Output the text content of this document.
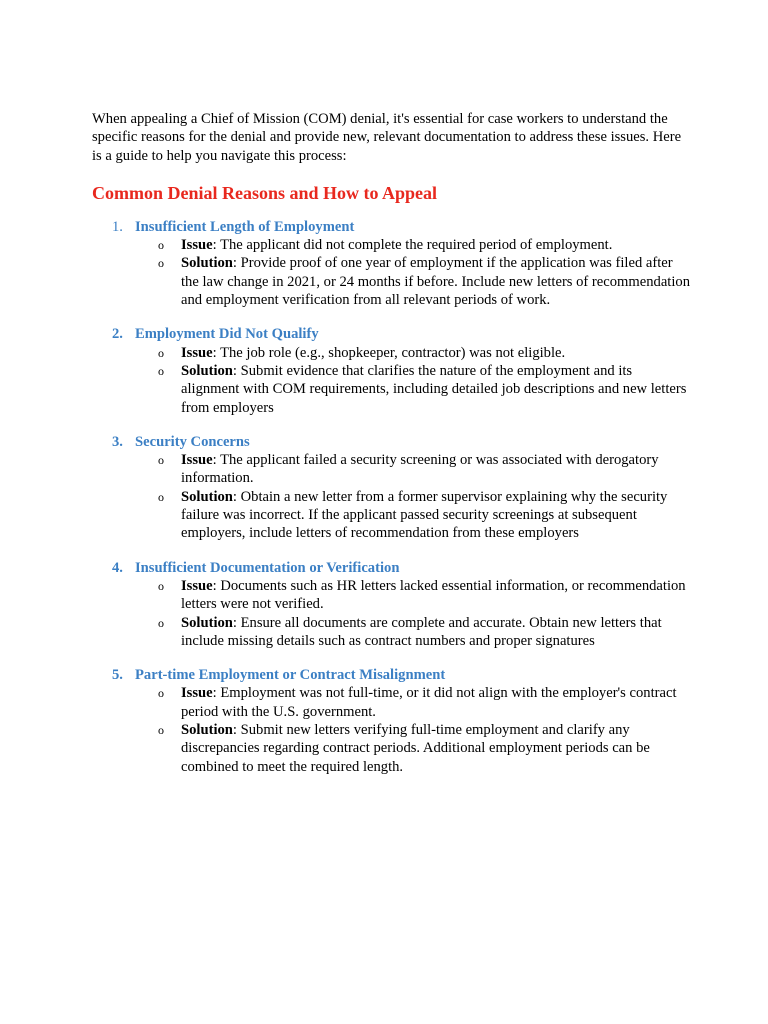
When appealing a Chief of Mission (COM) denial, it's essential for case workers to understand the specific reasons for the denial and provide new, relevant documentation to address these issues. Here is a guide to help you navigate this process:

Common Denial Reasons and How to Appeal
1. Insufficient Length of Employment

o Issue: The applicant did not complete the required period of employment.
o Solution: Provide proof of one year of employment if the application was filed after the law change in 2021, or 24 months if before. Include new letters of recommendation and employment verification from all relevant periods of work.
2. Employment Did Not Qualify

o Issue: The job role (e.g., shopkeeper, contractor) was not eligible.
o Solution: Submit evidence that clarifies the nature of the employment and its alignment with COM requirements, including detailed job descriptions and new letters from employers
3. Security Concerns

o Issue: The applicant failed a security screening or was associated with derogatory information.
o Solution: Obtain a new letter from a former supervisor explaining why the security failure was incorrect. If the applicant passed security screenings at subsequent employers, include letters of recommendation from these employers
4. Insufficient Documentation or Verification

o Issue: Documents such as HR letters lacked essential information, or recommendation letters were not verified.
o Solution: Ensure all documents are complete and accurate. Obtain new letters that include missing details such as contract numbers and proper signatures
5. Part-time Employment or Contract Misalignment

o Issue: Employment was not full-time, or it did not align with the employer's contract period with the U.S. government.
o Solution: Submit new letters verifying full-time employment and clarify any discrepancies regarding contract periods. Additional employment periods can be combined to meet the required length.
